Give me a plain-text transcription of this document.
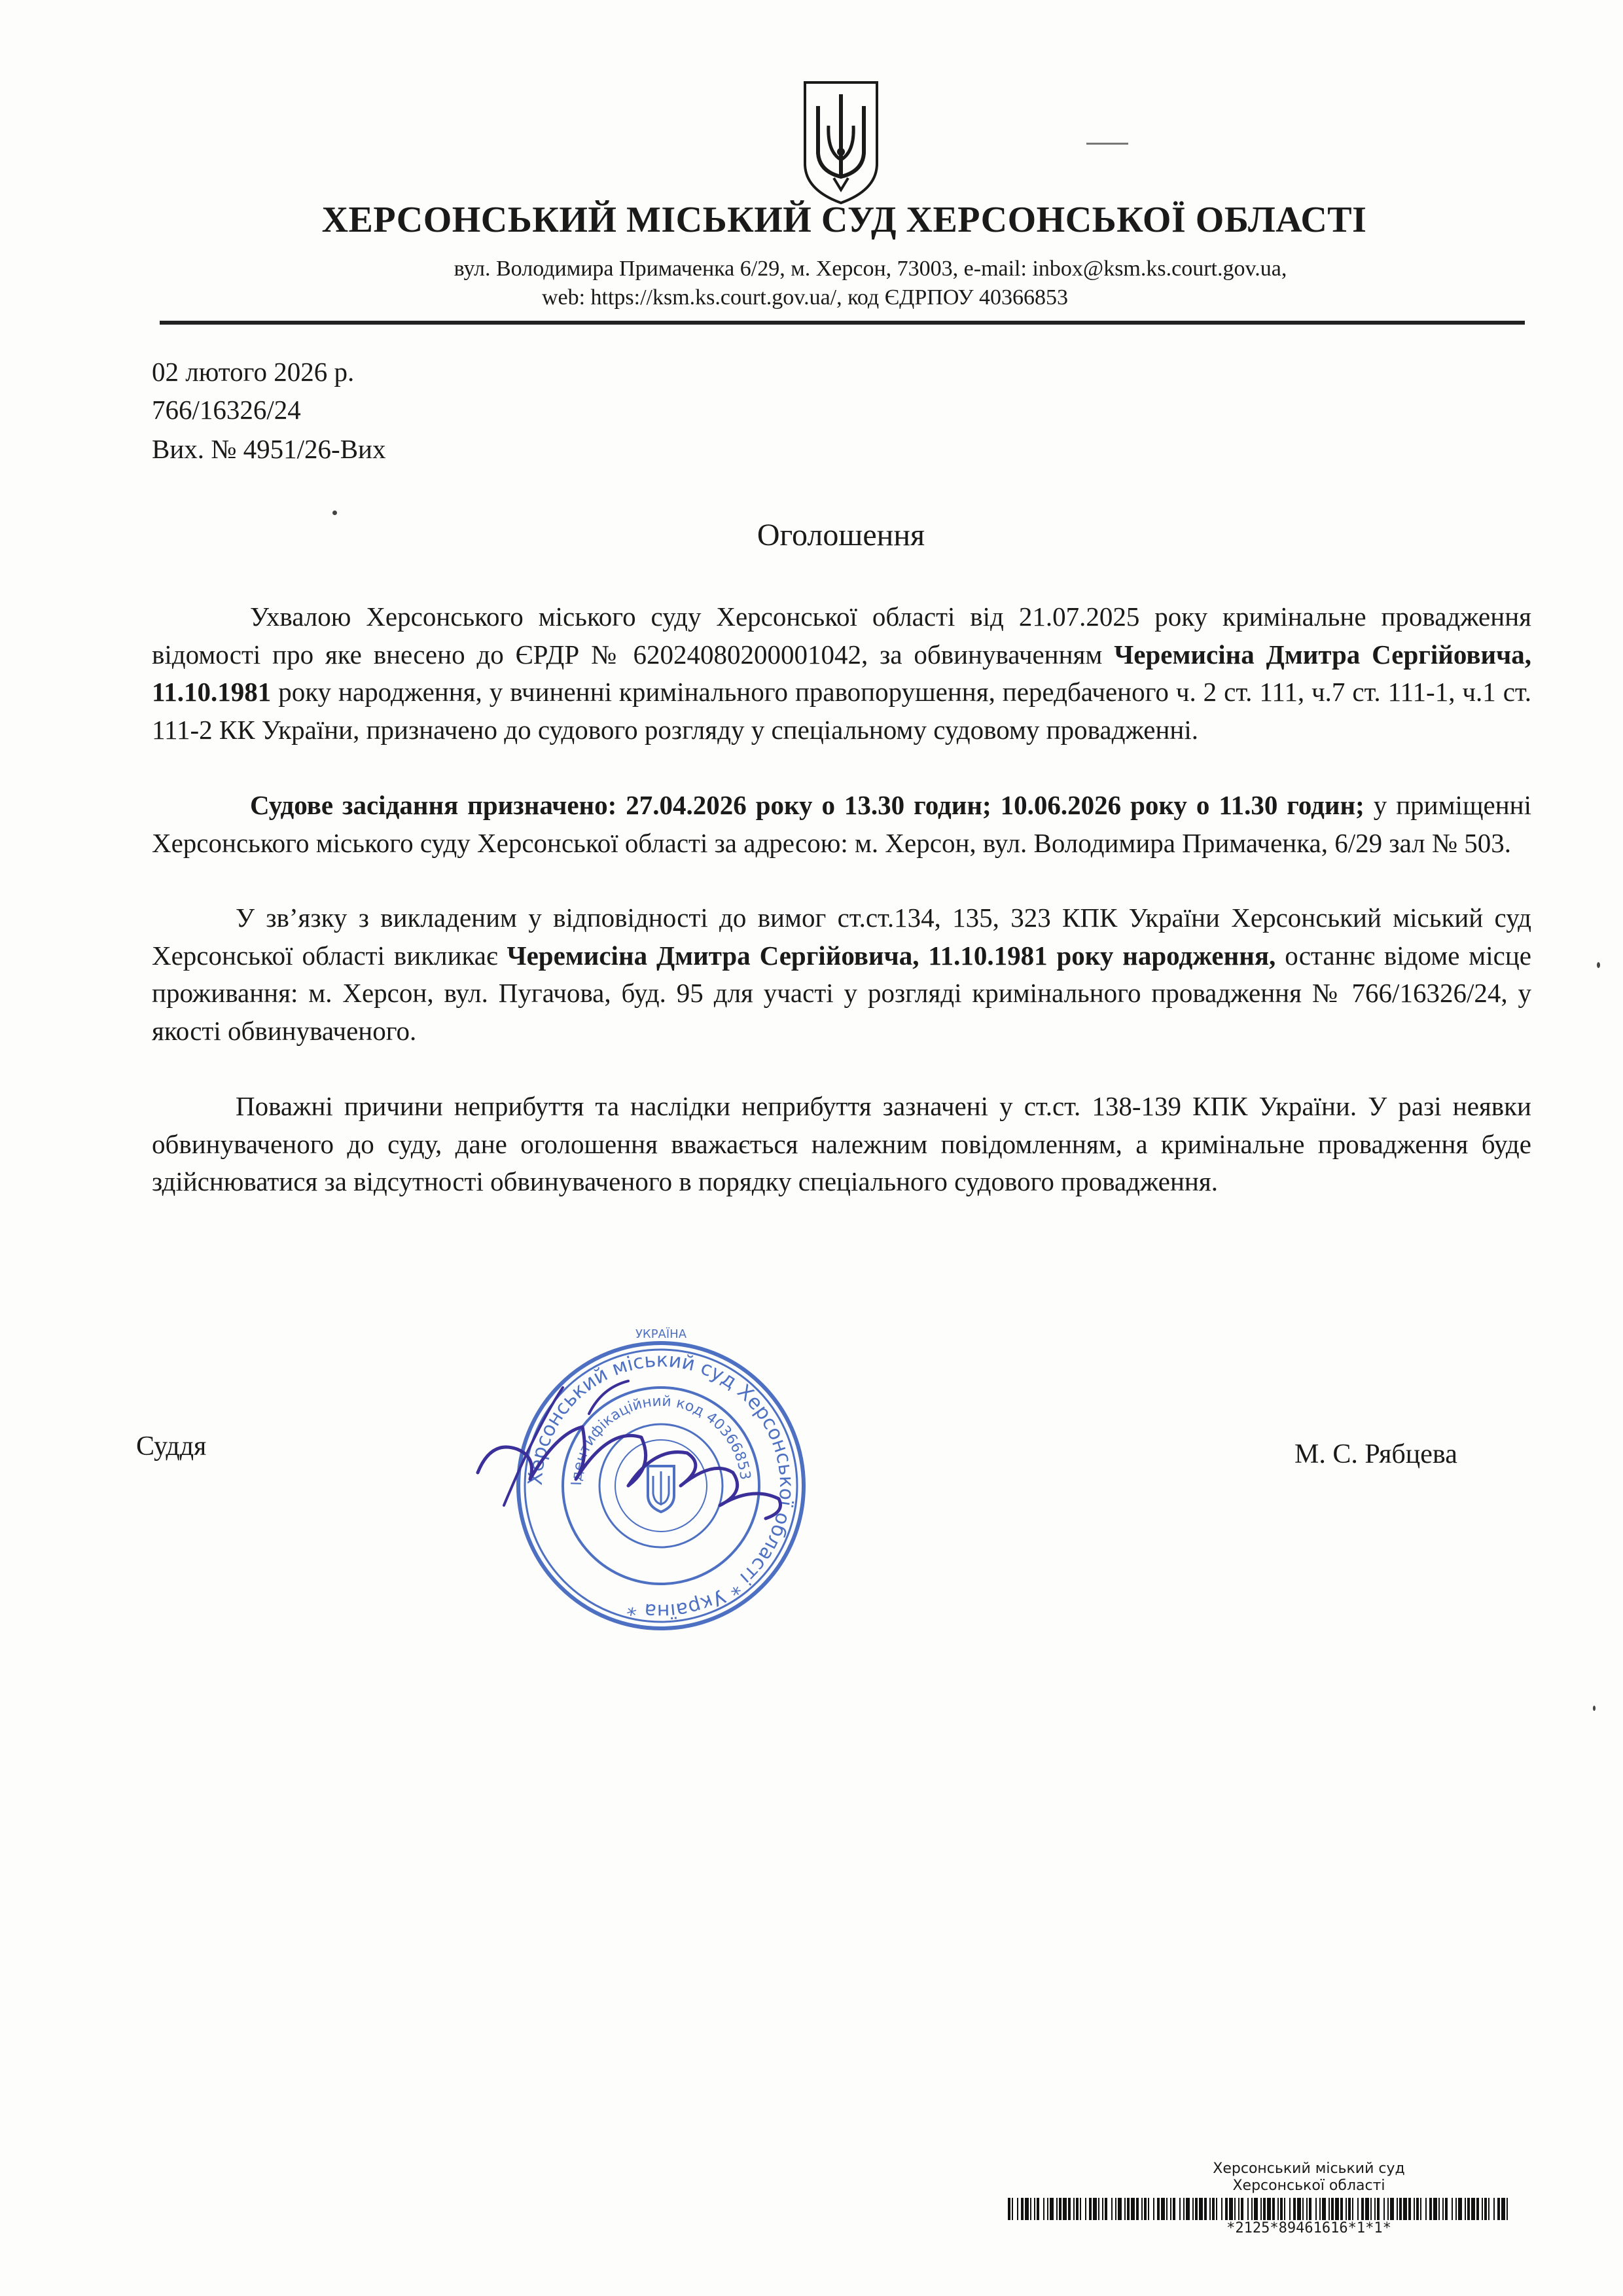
ХЕРСОНСЬКИЙ МІСЬКИЙ СУД ХЕРСОНСЬКОЇ ОБЛАСТІ
вул. Володимира Примаченка 6/29, м. Херсон, 73003, e-mail: inbox@ksm.ks.court.gov.ua,
web: https://ksm.ks.court.gov.ua/, код ЄДРПОУ 40366853
02 лютого 2026 р.
766/16326/24
Вих. № 4951/26-Вих
Оголошення
Ухвалою Херсонського міського суду Херсонської області від 21.07.2025 року кримінальне провадження відомості про яке внесено до ЄРДР № 62024080200001042, за обвинуваченням Черемисіна Дмитра Сергійовича, 11.10.1981 року народження, у вчиненні кримінального правопорушення, передбаченого ч. 2 ст. 111, ч.7 ст. 111-1, ч.1 ст. 111-2 КК України, призначено до судового розгляду у спеціальному судовому провадженні.
Судове засідання призначено: 27.04.2026 року о 13.30 годин; 10.06.2026 року о 11.30 годин; у приміщенні Херсонського міського суду Херсонської області за адресою: м. Херсон, вул. Володимира Примаченка, 6/29 зал № 503.
У зв’язку з викладеним у відповідності до вимог ст.ст.134, 135, 323 КПК України Херсонський міський суд Херсонської області викликає Черемисіна Дмитра Сергійовича, 11.10.1981 року народження, останнє відоме місце проживання: м. Херсон, вул. Пугачова, буд. 95 для участі у розгляді кримінального провадження № 766/16326/24, у якості обвинуваченого.
Поважні причини неприбуття та наслідки неприбуття зазначені у ст.ст. 138-139 КПК України. У разі неявки обвинуваченого до суду, дане оголошення вважається належним повідомленням, а кримінальне провадження буде здійснюватися за відсутності обвинуваченого в порядку спеціального судового провадження.
Суддя	М. С. Рябцева
Херсонський міський суд Херсонської області * Україна *
Ідентифікаційний код 40366853
УКРАЇНА
Херсонський міський суд
Херсонської області
*2125*89461616*1*1*
